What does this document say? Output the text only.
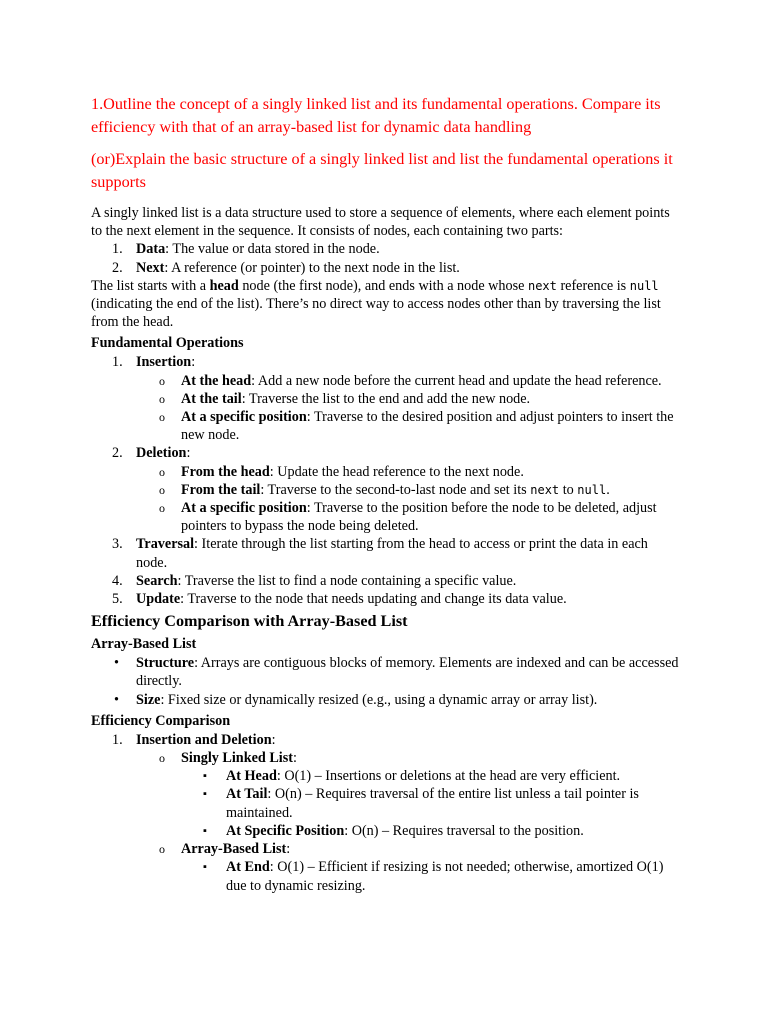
1.Outline the concept of a singly linked list and its fundamental operations. Compare its efficiency with that of an array-based list for dynamic data handling

(or)Explain the basic structure of a singly linked list and list the fundamental operations it supports

A singly linked list is a data structure used to store a sequence of elements, where each element points to the next element in the sequence. It consists of nodes, each containing two parts:

1. Data: The value or data stored in the node.
2. Next: A reference (or pointer) to the next node in the list.

The list starts with a head node (the first node), and ends with a node whose next reference is null (indicating the end of the list). There’s no direct way to access nodes other than by traversing the list from the head.

Fundamental Operations
1. Insertion:
o At the head: Add a new node before the current head and update the head reference.
o At the tail: Traverse the list to the end and add the new node.
o At a specific position: Traverse to the desired position and adjust pointers to insert the new node.
2. Deletion:
o From the head: Update the head reference to the next node.
o From the tail: Traverse to the second-to-last node and set its next to null.
o At a specific position: Traverse to the position before the node to be deleted, adjust pointers to bypass the node being deleted.
3. Traversal: Iterate through the list starting from the head to access or print the data in each node.
4. Search: Traverse the list to find a node containing a specific value.
5. Update: Traverse to the node that needs updating and change its data value.
Efficiency Comparison with Array-Based List
Array-Based List
• Structure: Arrays are contiguous blocks of memory. Elements are indexed and can be accessed directly.
• Size: Fixed size or dynamically resized (e.g., using a dynamic array or array list).
Efficiency Comparison
1. Insertion and Deletion:
o Singly Linked List:
▪ At Head: O(1) – Insertions or deletions at the head are very efficient.
▪ At Tail: O(n) – Requires traversal of the entire list unless a tail pointer is maintained.
▪ At Specific Position: O(n) – Requires traversal to the position.
o Array-Based List:
▪ At End: O(1) – Efficient if resizing is not needed; otherwise, amortized O(1) due to dynamic resizing.
